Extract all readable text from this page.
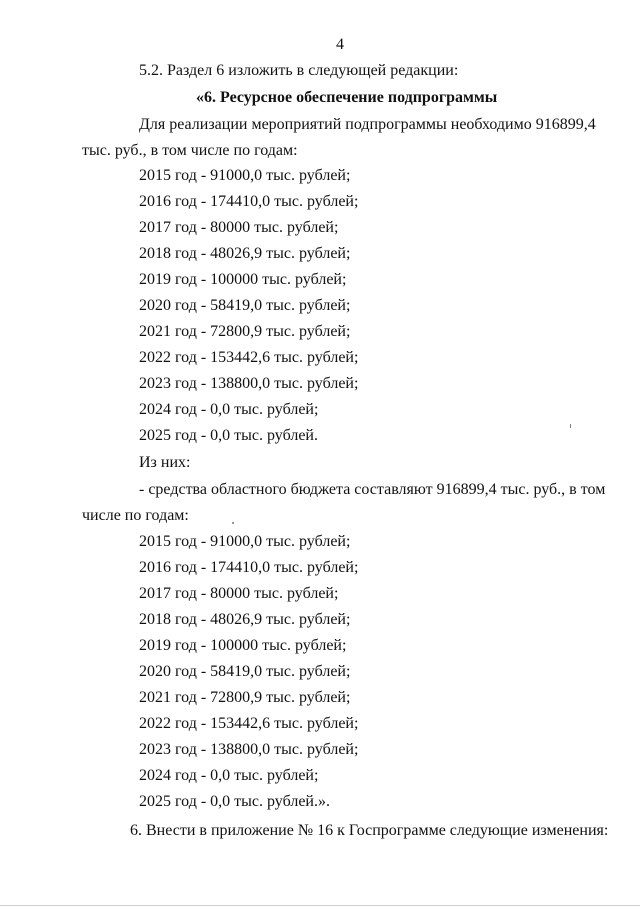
4
5.2. Раздел 6 изложить в следующей редакции:
«6. Ресурсное обеспечение подпрограммы
Для реализации мероприятий подпрограммы необходимо 916899,4
тыс. руб., в том числе по годам:
2015 год - 91000,0 тыс. рублей;
2016 год - 174410,0 тыс. рублей;
2017 год - 80000 тыс. рублей;
2018 год - 48026,9 тыс. рублей;
2019 год - 100000 тыс. рублей;
2020 год - 58419,0 тыс. рублей;
2021 год - 72800,9 тыс. рублей;
2022 год - 153442,6 тыс. рублей;
2023 год - 138800,0 тыс. рублей;
2024 год - 0,0 тыс. рублей;
2025 год - 0,0 тыс. рублей.
Из них:
- средства областного бюджета составляют 916899,4 тыс. руб., в том
числе по годам:
2015 год - 91000,0 тыс. рублей;
2016 год - 174410,0 тыс. рублей;
2017 год - 80000 тыс. рублей;
2018 год - 48026,9 тыс. рублей;
2019 год - 100000 тыс. рублей;
2020 год - 58419,0 тыс. рублей;
2021 год - 72800,9 тыс. рублей;
2022 год - 153442,6 тыс. рублей;
2023 год - 138800,0 тыс. рублей;
2024 год - 0,0 тыс. рублей;
2025 год - 0,0 тыс. рублей.».
6. Внести в приложение № 16 к Госпрограмме следующие изменения:
